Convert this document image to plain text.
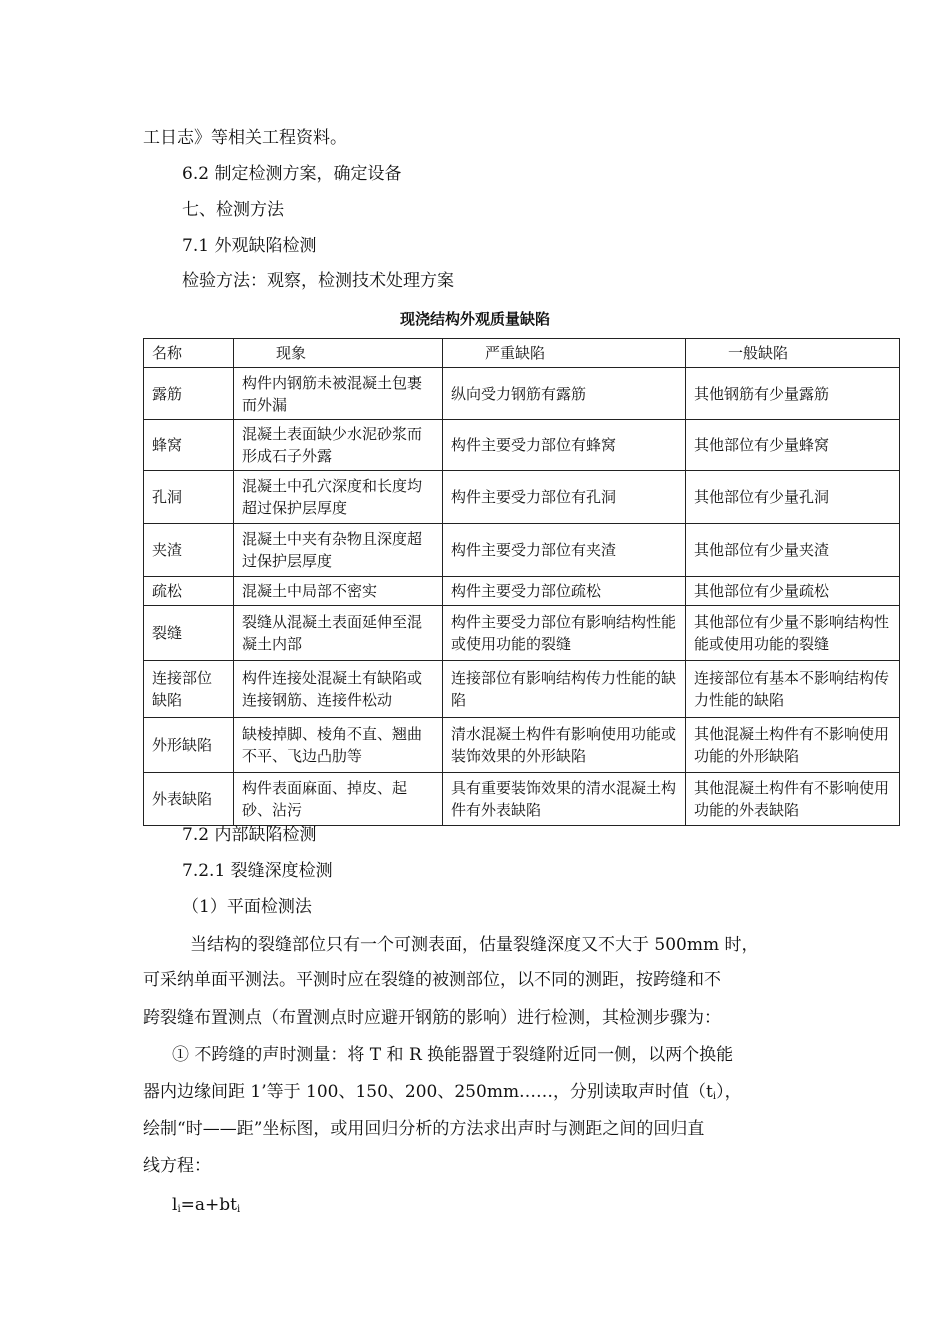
工日志》等相关工程资料。
6.2 制定检测方案，确定设备
七、检测方法
7.1 外观缺陷检测
检验方法：观察，检测技术处理方案
现浇结构外观质量缺陷
名称	现象	严重缺陷	一般缺陷
露筋	构件内钢筋未被混凝土包裹而外漏	纵向受力钢筋有露筋	其他钢筋有少量露筋
蜂窝	混凝土表面缺少水泥砂浆而形成石子外露	构件主要受力部位有蜂窝	其他部位有少量蜂窝
孔洞	混凝土中孔穴深度和长度均超过保护层厚度	构件主要受力部位有孔洞	其他部位有少量孔洞
夹渣	混凝土中夹有杂物且深度超过保护层厚度	构件主要受力部位有夹渣	其他部位有少量夹渣
疏松	混凝土中局部不密实	构件主要受力部位疏松	其他部位有少量疏松
裂缝	裂缝从混凝土表面延伸至混凝土内部	构件主要受力部位有影响结构性能或使用功能的裂缝	其他部位有少量不影响结构性能或使用功能的裂缝
连接部位缺陷	构件连接处混凝土有缺陷或连接钢筋、连接件松动	连接部位有影响结构传力性能的缺陷	连接部位有基本不影响结构传力性能的缺陷
外形缺陷	缺棱掉脚、棱角不直、翘曲不平、飞边凸肋等	清水混凝土构件有影响使用功能或装饰效果的外形缺陷	其他混凝土构件有不影响使用功能的外形缺陷
外表缺陷	构件表面麻面、掉皮、起砂、沾污	具有重要装饰效果的清水混凝土构件有外表缺陷	其他混凝土构件有不影响使用功能的外表缺陷
7.2 内部缺陷检测
7.2.1 裂缝深度检测
（1）平面检测法
当结构的裂缝部位只有一个可测表面，估量裂缝深度又不大于 500mm 时，
可采纳单面平测法。平测时应在裂缝的被测部位，以不同的测距，按跨缝和不
跨裂缝布置测点（布置测点时应避开钢筋的影响）进行检测，其检测步骤为：
① 不跨缝的声时测量：将 T 和 R 换能器置于裂缝附近同一侧，以两个换能
器内边缘间距 1’等于 100、150、200、250mm……，分别读取声时值$(t_i)$，
绘制“时——距”坐标图，或用回归分析的方法求出声时与测距之间的回归直
线方程：
$l_i=a+bt_i$
